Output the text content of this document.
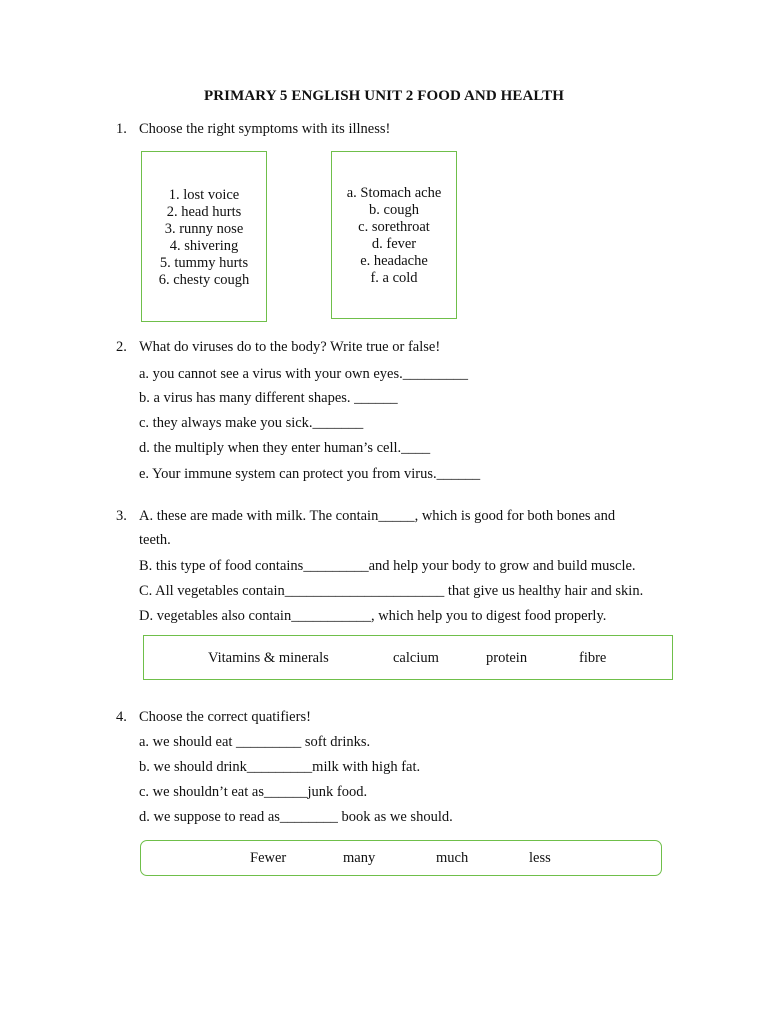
PRIMARY 5 ENGLISH UNIT 2 FOOD AND HEALTH
1. Choose the right symptoms with its illness!
1. lost voice
2. head hurts
3. runny nose
4. shivering
5. tummy hurts
6. chesty cough
a. Stomach ache
b. cough
c. sorethroat
d. fever
e. headache
f. a cold
2. What do viruses do to the body? Write true or false!
a. you cannot see a virus with your own eyes._________
b. a virus has many different shapes. ______
c. they always make you sick._______
d. the multiply when they enter human’s cell.____
e. Your immune system can protect you from virus.______
3. A. these are made with milk. The contain_____, which is good for both bones and
teeth.
B. this type of food contains_________and help your body to grow and build muscle.
C. All vegetables contain______________________ that give us healthy hair and skin.
D. vegetables also contain___________, which help you to digest food properly.
Vitamins & minerals	calcium	protein	fibre
4. Choose the correct quatifiers!
a. we should eat _________ soft drinks.
b. we should drink_________milk with high fat.
c. we shouldn’t eat as______junk food.
d. we suppose to read as________ book as we should.
Fewer	many	much	less
